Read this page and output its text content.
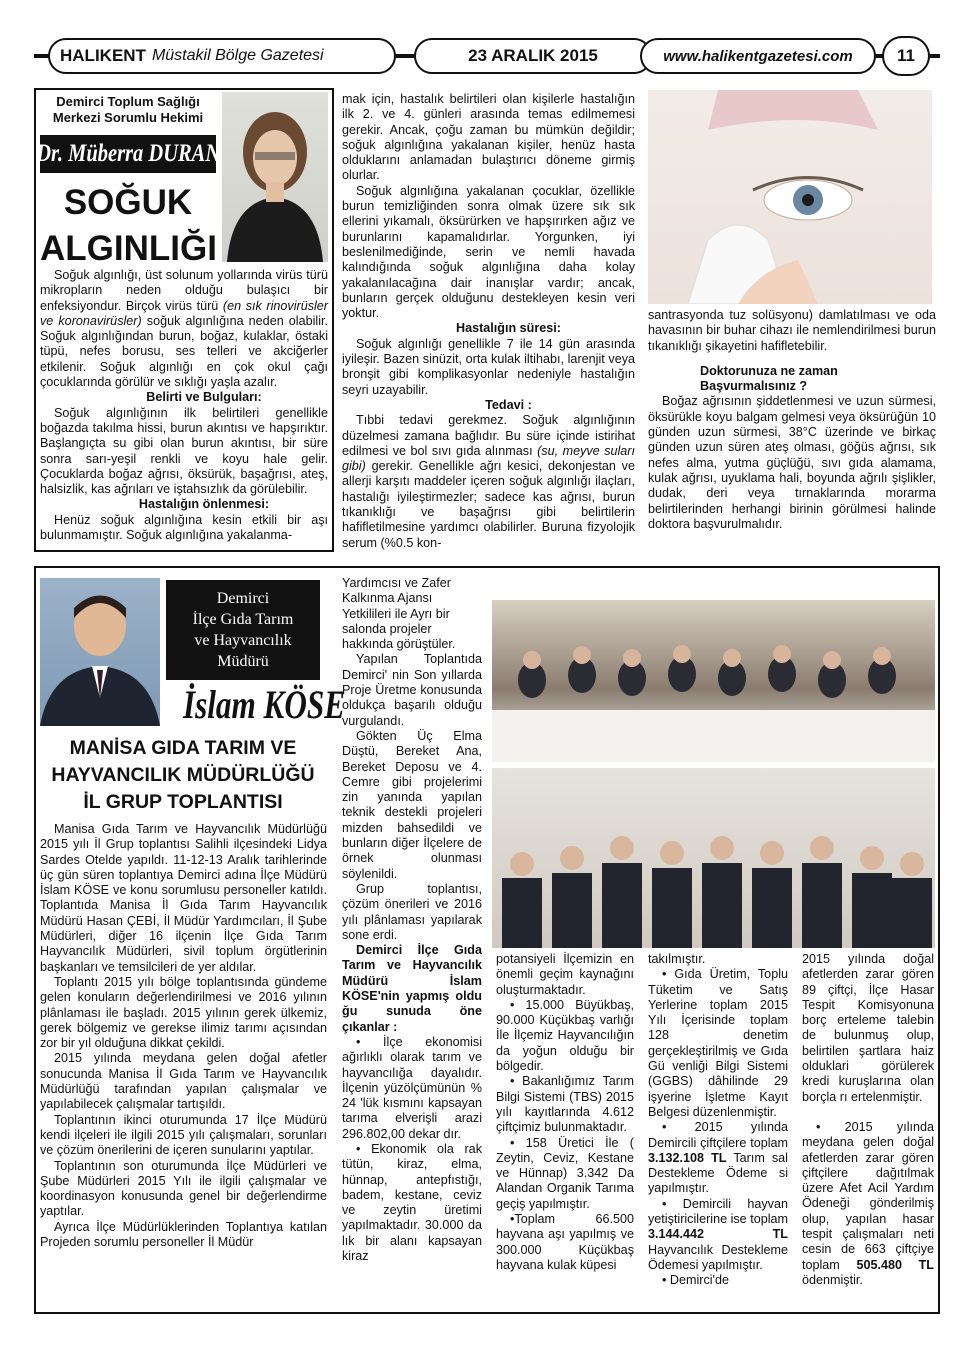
HALIKENT Müstakil Bölge Gazetesi	23 ARALIK 2015	www.halikentgazetesi.com	11
Demirci Toplum Sağlığı
Merkezi Sorumlu Hekimi
Dr. Müberra DURAN
SOĞUK
ALGINLIĞI

Soğuk algınlığı, üst solunum yollarında virüs türü mikropların neden olduğu bulaşıcı bir enfeksiyondur. Birçok virüs türü (en sık rinovirüsler ve koronavirüsler) soğuk algınlığına neden olabilir. Soğuk algınlığından burun, boğaz, kulaklar, östaki tüpü, nefes borusu, ses telleri ve akciğerler etkilenir. Soğuk algınlığı en çok okul çağı çocuklarında görülür ve sıklığı yaşla azalır.

Belirti ve Bulguları:

Soğuk algınlığının ilk belirtileri genellikle boğazda takılma hissi, burun akıntısı ve hapşırıktır. Başlangıçta su gibi olan burun akıntısı, bir süre sonra sarı-yeşil renkli ve koyu hale gelir. Çocuklarda boğaz ağrısı, öksürük, başağrısı, ateş, halsizlik, kas ağrıları ve iştahsızlık da görülebilir.

Hastalığın önlenmesi:

Henüz soğuk algınlığına kesin etkili bir aşı bulunmamıştır. Soğuk algınlığına yakalanma-

mak için, hastalık belirtileri olan kişilerle hastalığın ilk 2. ve 4. günleri arasında temas edilmemesi gerekir. Ancak, çoğu zaman bu mümkün değildir; soğuk algınlığına yakalanan kişiler, henüz hasta olduklarını anlamadan bulaştırıcı döneme girmiş olurlar.

Soğuk algınlığına yakalanan çocuklar, özellikle burun temizliğinden sonra olmak üzere sık sık ellerini yıkamalı, öksürürken ve hapşırırken ağız ve burunlarını kapamalıdırlar. Yorgunken, iyi beslenilmediğinde, serin ve nemli havada kalındığında soğuk algınlığına daha kolay yakalanılacağına dair inanışlar vardır; ancak, bunların gerçek olduğunu destekleyen kesin veri yoktur.

Hastalığın süresi:

Soğuk algınlığı genellikle 7 ile 14 gün arasında iyileşir. Bazen sinüzit, orta kulak iltihabı, larenjit veya bronşit gibi komplikasyonlar nedeniyle hastalığın seyri uzayabilir.

Tedavi :

Tıbbi tedavi gerekmez. Soğuk algınlığının düzelmesi zamana bağlıdır. Bu süre içinde istirihat edilmesi ve bol sıvı gıda alınması (su, meyve suları gibi) gerekir. Genellikle ağrı kesici, dekonjestan ve allerji karşıtı maddeler içeren soğuk algınlığı ilaçları, hastalığı iyileştirmezler; sadece kas ağrısı, burun tıkanıklığı ve başağrısı gibi belirtilerin hafifletilmesine yardımcı olabilirler. Buruna fizyolojik serum (%0.5 kon-

santrasyonda tuz solüsyonu) damlatılması ve oda havasının bir buhar cihazı ile nemlendirilmesi burun tıkanıklığı şikayetini hafifletebilir.

Doktorunuza ne zaman Başvurmalısınız ?

Boğaz ağrısının şiddetlenmesi ve uzun sürmesi, öksürükle koyu balgam gelmesi veya öksürüğün 10 günden uzun sürmesi, 38°C üzerinde ve birkaç günden uzun süren ateş olması, göğüs ağrısı, sık nefes alma, yutma güçlüğü, sıvı gıda alamama, kulak ağrısı, uyuklama hali, boyunda ağrılı şişlikler, dudak, deri veya tırnaklarında morarma belirtilerinden herhangi birinin görülmesi halinde doktora başvurulmalıdır.

Demirci
İlçe Gıda Tarım
ve Hayvancılık
Müdürü
İslam KÖSE
MANİSA GIDA TARIM VE
HAYVANCILIK MÜDÜRLÜĞÜ
İL GRUP TOPLANTISI

Manisa Gıda Tarım ve Hayvancılık Müdürlüğü 2015 yılı İl Grup toplantısı Salihli ilçesindeki Lidya Sardes Otelde yapıldı. 11-12-13 Aralık tarihlerinde üç gün süren toplantıya Demirci adına İlçe Müdürü İslam KÖSE ve konu sorumlusu personeller katıldı. Toplantıda Manisa İl Gıda Tarım Hayvancılık Müdürü Hasan ÇEBİ, İl Müdür Yardımcıları, İl Şube Müdürleri, diğer 16 ilçenin İlçe Gıda Tarım Hayvancılık Müdürleri, sivil toplum örgütlerinin başkanları ve temsilcileri de yer aldılar.

Toplantı 2015 yılı bölge toplantısında gündeme gelen konuların değerlendirilmesi ve 2016 yılının plânlaması ile başladı. 2015 yılının gerek ülkemiz, gerek bölgemiz ve gerekse ilimiz tarımı açısından zor bir yıl olduğuna dikkat çekildi.

2015 yılında meydana gelen doğal afetler sonucunda Manisa İl Gıda Tarım ve Hayvancılık Müdürlüğü tarafından yapılan çalışmalar ve yapılabilecek çalışmalar tartışıldı.

Toplantının ikinci oturumunda 17 İlçe Müdürü kendi ilçeleri ile ilgili 2015 yılı çalışmaları, sorunları ve çözüm önerilerini de içeren sunularını yaptılar.

Toplantının son oturumunda İlçe Müdürleri ve Şube Müdürleri 2015 Yılı ile ilgili çalışmalar ve koordinasyon konusunda genel bir değerlendirme yaptılar.

Ayrıca İlçe Müdürlüklerinden Toplantıya katılan Projeden sorumlu personeller İl Müdür

Yardımcısı ve Zafer Kalkınma Ajansı Yetkilileri ile Ayrı bir salonda projeler hakkında görüştüler.

Yapılan Toplantıda Demirci' nin Son yıllarda Proje Üretme konusunda oldukça başarılı olduğu vurgulandı.

Gökten Üç Elma Düştü, Bereket Ana, Bereket Deposu ve 4. Cemre gibi projelerimi zin yanında yapılan teknik destekli projeleri mizden bahsedildi ve bunların diğer İlçelere de örnek olunması söylenildi.

Grup toplantısı, çözüm önerileri ve 2016 yılı plânlaması yapılarak sone erdi.

Demirci İlçe Gıda Tarım ve Hayvancılık Müdürü İslam KÖSE'nin yapmış oldu ğu sunuda öne çıkanlar :

• İlçe ekonomisi ağırlıklı olarak tarım ve hayvancılığa dayalıdır. İlçenin yüzölçümünün % 24 'lük kısmını kapsayan tarıma elverişli arazi 296.802,00 dekar dır.

• Ekonomik ola rak tütün, kiraz, elma, hünnap, antepfıstığı, badem, kestane, ceviz ve zeytin üretimi yapılmaktadır. 30.000 da lık bir alanı kapsayan kiraz

potansiyeli İlçemizin en önemli geçim kaynağını oluşturmaktadır.

• 15.000 Büyükbaş, 90.000 Küçükbaş varlığı İle İlçemiz Hayvancılığın da yoğun olduğu bir bölgedir.

• Bakanlığımız Tarım Bilgi Sistemi (TBS) 2015 yılı kayıtlarında 4.612 çiftçimiz bulunmaktadır.

• 158 Üretici İle ( Zeytin, Ceviz, Kestane ve Hünnap) 3.342 Da Alandan Organik Tarıma geçiş yapılmıştır.

•Toplam 66.500 hayvana aşı yapılmış ve 300.000 Küçükbaş hayvana kulak küpesi

takılmıştır.

• Gıda Üretim, Toplu Tüketim ve Satış Yerlerine toplam 2015 Yılı İçerisinde toplam 128 denetim gerçekleştirilmiş ve Gıda Gü venliği Bilgi Sistemi (GGBS) dâhilinde 29 işyerine İşletme Kayıt Belgesi düzenlenmiştir.

• 2015 yılında Demircili çiftçilere toplam 3.132.108 TL Tarım sal Destekleme Ödeme si yapılmıştır.

• Demircili hayvan yetiştiricilerine ise toplam 3.144.442 TL Hayvancılık Destekleme Ödemesi yapılmıştır.

• Demirci'de

2015 yılında doğal afetlerden zarar gören 89 çiftçi, İlçe Hasar Tespit Komisyonuna borç erteleme talebin de bulunmuş olup, belirtilen şartlara haiz olduklari görülerek kredi kuruşlarına olan borçla rı ertelenmiştir.

• 2015 yılında meydana gelen doğal afetlerden zarar gören çiftçilere dağıtılmak üzere Afet Acil Yardım Ödeneği gönderilmiş olup, yapılan hasar tespit çalışmaları neti cesin de 663 çiftçiye toplam 505.480 TL ödenmiştir.
